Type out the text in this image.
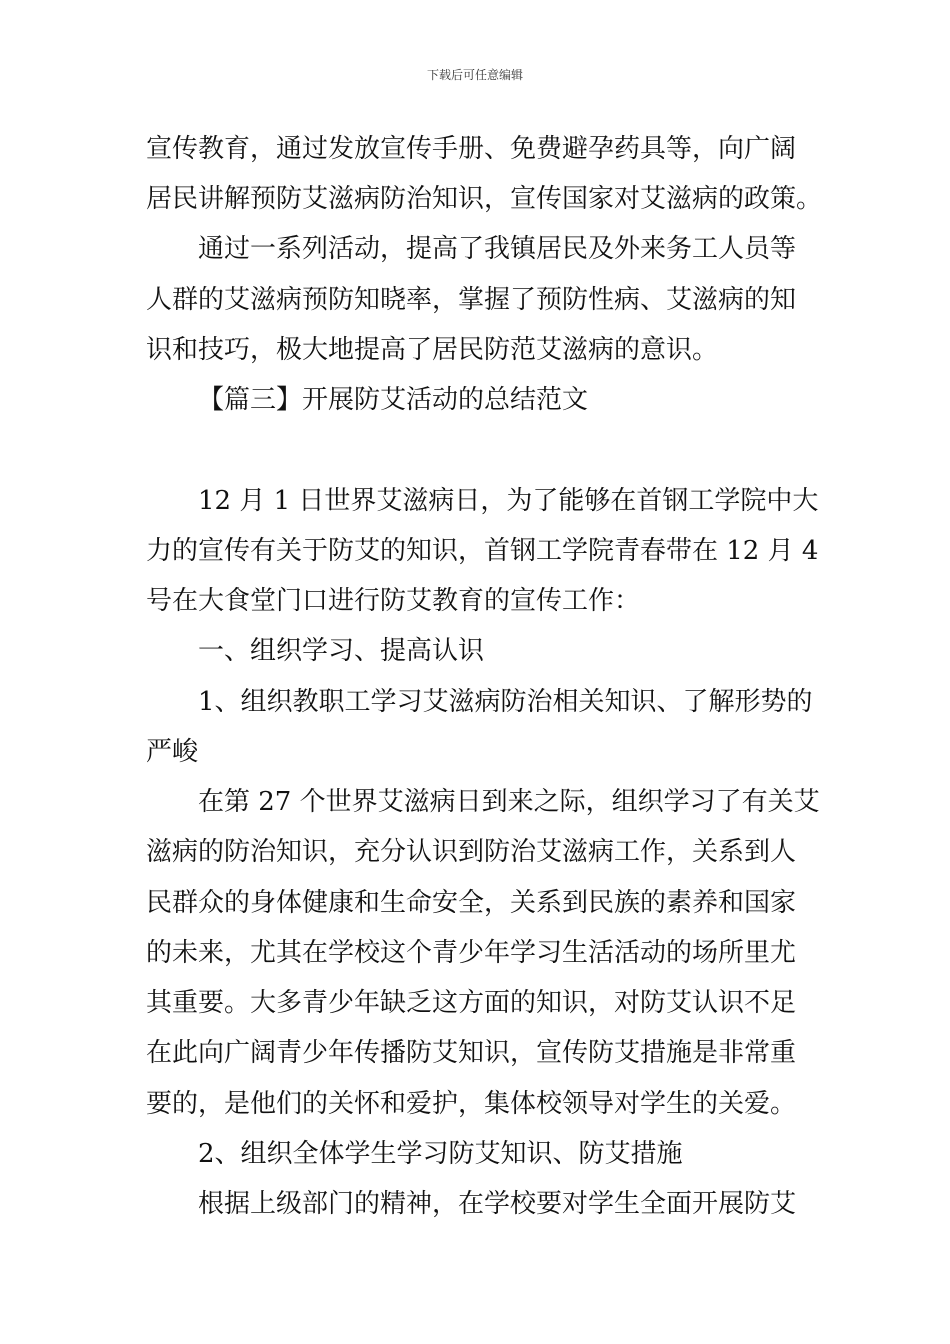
下载后可任意编辑
宣传教育，通过发放宣传手册、免费避孕药具等，向广阔
居民讲解预防艾滋病防治知识，宣传国家对艾滋病的政策。
通过一系列活动，提高了我镇居民及外来务工人员等
人群的艾滋病预防知晓率，掌握了预防性病、艾滋病的知
识和技巧，极大地提高了居民防范艾滋病的意识。
【篇三】开展防艾活动的总结范文
12 月 1 日世界艾滋病日，为了能够在首钢工学院中大
力的宣传有关于防艾的知识，首钢工学院青春带在 12 月 4
号在大食堂门口进行防艾教育的宣传工作：
一、组织学习、提高认识
1、组织教职工学习艾滋病防治相关知识、了解形势的
严峻
在第 27 个世界艾滋病日到来之际，组织学习了有关艾
滋病的防治知识，充分认识到防治艾滋病工作，关系到人
民群众的身体健康和生命安全，关系到民族的素养和国家
的未来，尤其在学校这个青少年学习生活活动的场所里尤
其重要。大多青少年缺乏这方面的知识，对防艾认识不足
在此向广阔青少年传播防艾知识，宣传防艾措施是非常重
要的，是他们的关怀和爱护，集体校领导对学生的关爱。
2、组织全体学生学习防艾知识、防艾措施
根据上级部门的精神，在学校要对学生全面开展防艾
